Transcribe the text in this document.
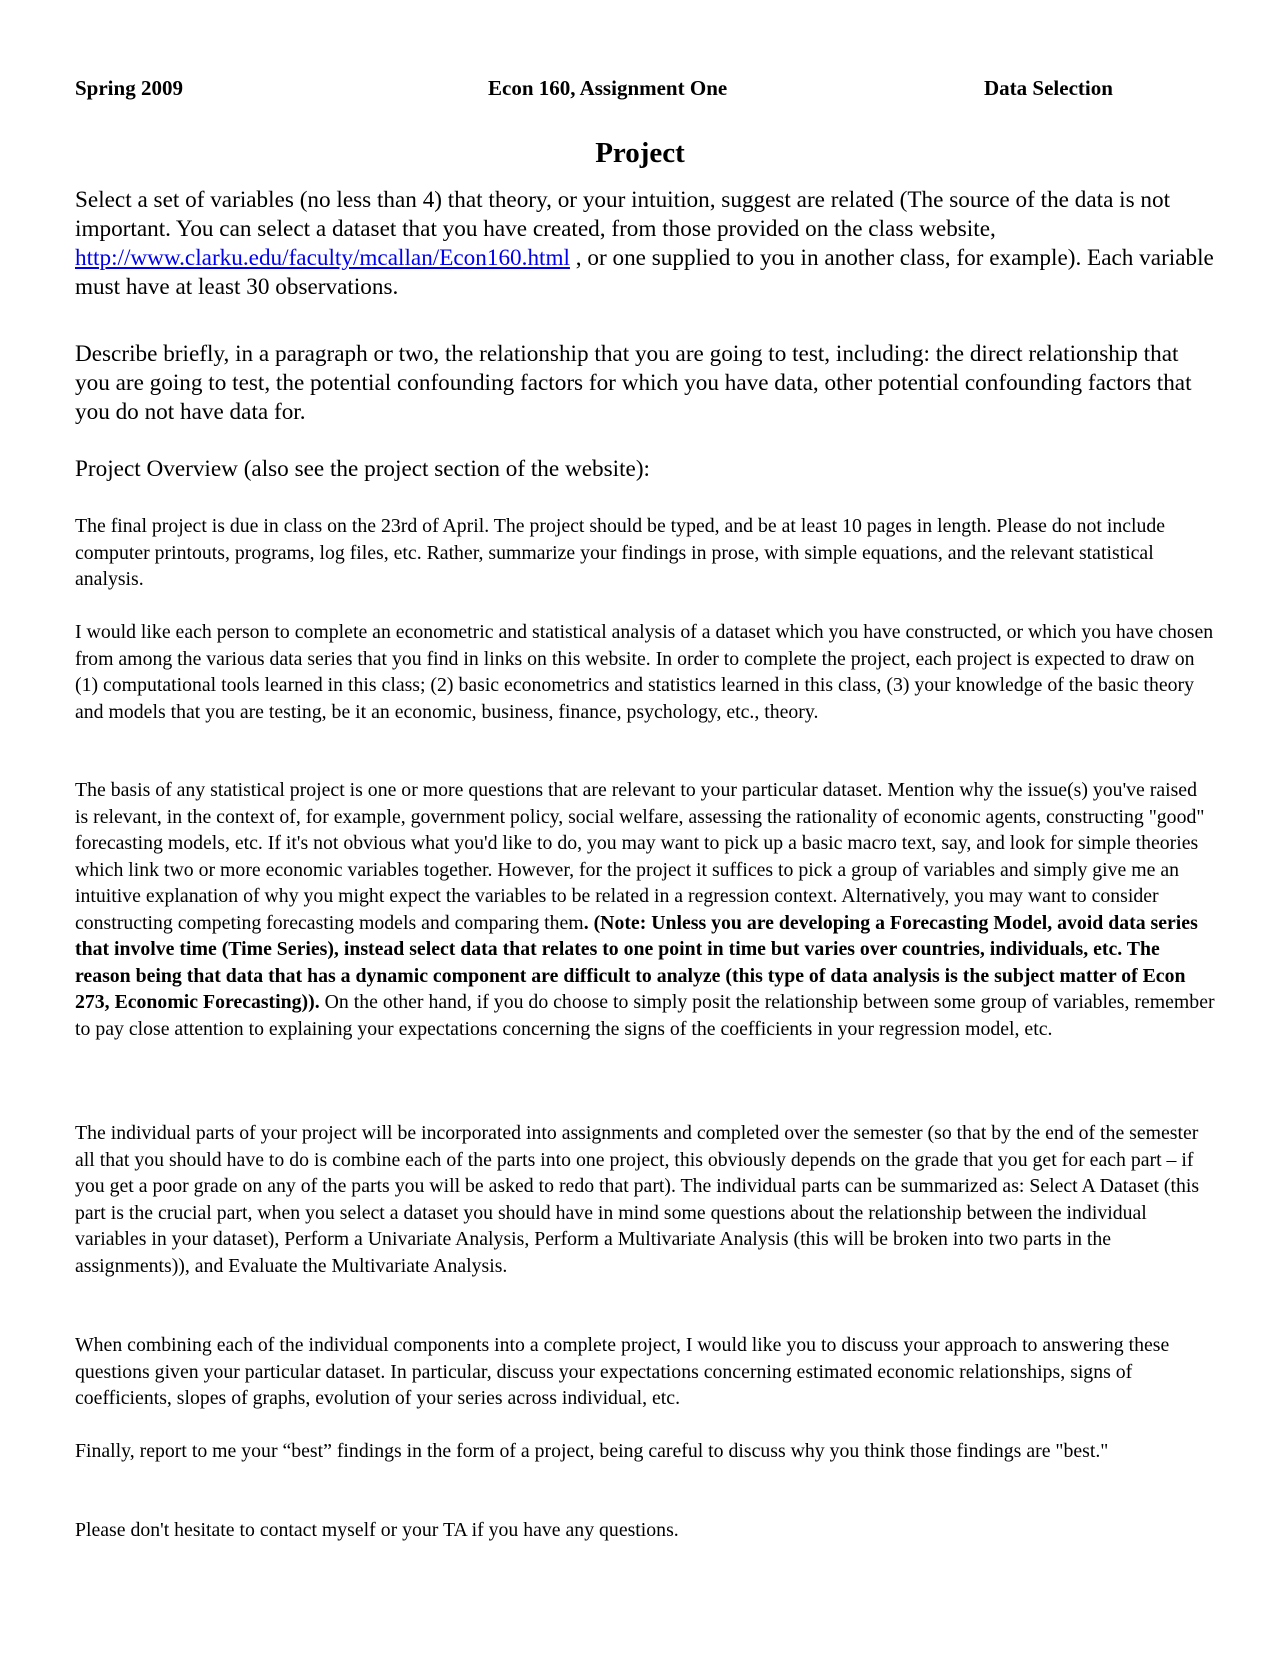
Spring 2009	Econ 160, Assignment One	Data Selection
Project

Select a set of variables (no less than 4) that theory, or your intuition, suggest are related (The source of the data is not important. You can select a dataset that you have created, from those provided on the class website, http://www.clarku.edu/faculty/mcallan/Econ160.html , or one supplied to you in another class, for example). Each variable must have at least 30 observations.

Describe briefly, in a paragraph or two, the relationship that you are going to test, including: the direct relationship that you are going to test, the potential confounding factors for which you have data, other potential confounding factors that you do not have data for.

Project Overview (also see the project section of the website):

The final project is due in class on the 23rd of April. The project should be typed, and be at least 10 pages in length. Please do not include computer printouts, programs, log files, etc. Rather, summarize your findings in prose, with simple equations, and the relevant statistical analysis.

I would like each person to complete an econometric and statistical analysis of a dataset which you have constructed, or which you have chosen from among the various data series that you find in links on this website. In order to complete the project, each project is expected to draw on (1) computational tools learned in this class; (2) basic econometrics and statistics learned in this class, (3) your knowledge of the basic theory and models that you are testing, be it an economic, business, finance, psychology, etc., theory.

The basis of any statistical project is one or more questions that are relevant to your particular dataset. Mention why the issue(s) you've raised is relevant, in the context of, for example, government policy, social welfare, assessing the rationality of economic agents, constructing "good" forecasting models, etc. If it's not obvious what you'd like to do, you may want to pick up a basic macro text, say, and look for simple theories which link two or more economic variables together. However, for the project it suffices to pick a group of variables and simply give me an intuitive explanation of why you might expect the variables to be related in a regression context. Alternatively, you may want to consider constructing competing forecasting models and comparing them. (Note: Unless you are developing a Forecasting Model, avoid data series that involve time (Time Series), instead select data that relates to one point in time but varies over countries, individuals, etc. The reason being that data that has a dynamic component are difficult to analyze (this type of data analysis is the subject matter of Econ 273, Economic Forecasting)). On the other hand, if you do choose to simply posit the relationship between some group of variables, remember to pay close attention to explaining your expectations concerning the signs of the coefficients in your regression model, etc.

The individual parts of your project will be incorporated into assignments and completed over the semester (so that by the end of the semester all that you should have to do is combine each of the parts into one project, this obviously depends on the grade that you get for each part – if you get a poor grade on any of the parts you will be asked to redo that part). The individual parts can be summarized as: Select A Dataset (this part is the crucial part, when you select a dataset you should have in mind some questions about the relationship between the individual variables in your dataset), Perform a Univariate Analysis, Perform a Multivariate Analysis (this will be broken into two parts in the assignments)), and Evaluate the Multivariate Analysis.

When combining each of the individual components into a complete project, I would like you to discuss your approach to answering these questions given your particular dataset. In particular, discuss your expectations concerning estimated economic relationships, signs of coefficients, slopes of graphs, evolution of your series across individual, etc.

Finally, report to me your “best” findings in the form of a project, being careful to discuss why you think those findings are "best."

Please don't hesitate to contact myself or your TA if you have any questions.
